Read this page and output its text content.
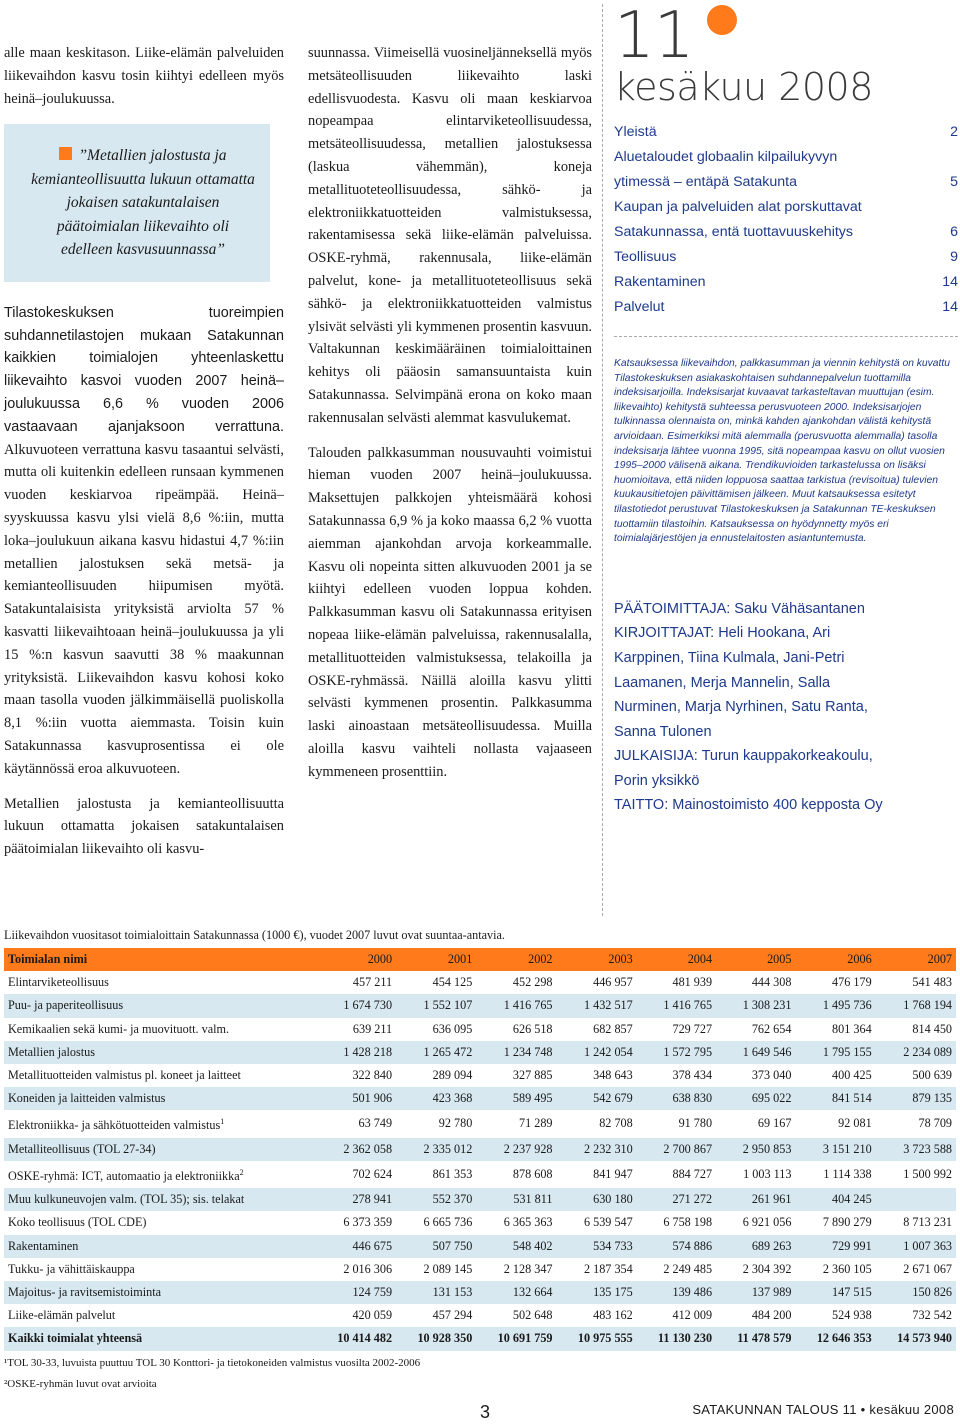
alle maan keskitason. Liike-elämän palveluiden liikevaihdon kasvu tosin kiihtyi edelleen myös heinä–joulukuussa.

”Metallien jalostusta ja kemianteollisuutta lukuun ottamatta jokaisen satakuntalaisen päätoimialan liikevaihto oli edelleen kasvusuunnassa”

Tilastokeskuksen tuoreimpien suhdannetilastojen mukaan Satakunnan kaikkien toimialojen yhteenlaskettu liikevaihto kasvoi vuoden 2007 heinä–joulukuussa 6,6 % vuoden 2006 vastaavaan ajanjaksoon verrattuna. Alkuvuoteen verrattuna kasvu tasaantui selvästi, mutta oli kuitenkin edelleen runsaan kymmenen vuoden keskiarvoa ripeämpää. Heinä–syyskuussa kasvu ylsi vielä 8,6 %:iin, mutta loka–joulukuun aikana kasvu hidastui 4,7 %:iin metallien jalostuksen sekä metsä- ja kemianteollisuuden hiipumisen myötä. Satakuntalaisista yrityksistä arviolta 57 % kasvatti liikevaihtoaan heinä–joulukuussa ja yli 15 %:n kasvun saavutti 38 % maakunnan yrityksistä. Liikevaihdon kasvu kohosi koko maan tasolla vuoden jälkimmäisellä puoliskolla 8,1 %:iin vuotta aiemmasta. Toisin kuin Satakunnassa kasvuprosentissa ei ole käytännössä eroa alkuvuoteen.

Metallien jalostusta ja kemianteollisuutta lukuun ottamatta jokaisen satakuntalaisen päätoimialan liikevaihto oli kasvu-

suunnassa. Viimeisellä vuosineljänneksellä myös metsäteollisuuden liikevaihto laski edellisvuodesta. Kasvu oli maan keskiarvoa nopeampaa elintarviketeollisuudessa, metsäteollisuudessa, metallien jalostuksessa (laskua vähemmän), koneja metallituoteteollisuudessa, sähkö- ja elektroniikkatuotteiden valmistuksessa, rakentamisessa sekä liike-elämän palveluissa. OSKE-ryhmä, rakennusala, liike-elämän palvelut, kone- ja metallituoteteollisuus sekä sähkö- ja elektroniikkatuotteiden valmistus ylsivät selvästi yli kymmenen prosentin kasvuun. Valtakunnan keskimääräinen toimialoittainen kehitys oli pääosin samansuuntaista kuin Satakunnassa. Selvimpänä erona on koko maan rakennusalan selvästi alemmat kasvulukemat.

Talouden palkkasumman nousuvauhti voimistui hieman vuoden 2007 heinä–joulukuussa. Maksettujen palkkojen yhteismäärä kohosi Satakunnassa 6,9 % ja koko maassa 6,2 % vuotta aiemman ajankohdan arvoja korkeammalle. Kasvu oli nopeinta sitten alkuvuoden 2001 ja se kiihtyi edelleen vuoden loppua kohden. Palkkasumman kasvu oli Satakunnassa erityisen nopeaa liike-elämän palveluissa, rakennusalalla, metallituotteiden valmistuksessa, telakoilla ja OSKE-ryhmässä. Näillä aloilla kasvu ylitti selvästi kymmenen prosentin. Palkkasumma laski ainoastaan metsäteollisuudessa. Muilla aloilla kasvu vaihteli nollasta vajaaseen kymmeneen prosenttiin.

11
kesäkuu 2008
Yleistä	2
Aluetaloudet globaalin kilpailukyvyn
ytimessä – entäpä Satakunta	5
Kaupan ja palveluiden alat porskuttavat
Satakunnassa, entä tuottavuuskehitys	6
Teollisuus	9
Rakentaminen	14
Palvelut	14
Katsauksessa liikevaihdon, palkkasumman ja viennin kehitystä on kuvattu Tilastokeskuksen asiakaskohtaisen suhdannepalvelun tuottamilla indeksisarjoilla. Indeksisarjat kuvaavat tarkasteltavan muuttujan (esim. liikevaihto) kehitystä suhteessa perusvuoteen 2000. Indeksisarjojen tulkinnassa olennaista on, minkä kahden ajankohdan välistä kehitystä arvioidaan. Esimerkiksi mitä alemmalla (perusvuotta alemmalla) tasolla indeksisarja lähtee vuonna 1995, sitä nopeampaa kasvu on ollut vuosien 1995–2000 välisenä aikana. Trendikuvioiden tarkastelussa on lisäksi huomioitava, että niiden loppuosa saattaa tarkistua (revisoitua) tulevien kuukausitietojen päivittämisen jälkeen. Muut katsauksessa esitetyt tilastotiedot perustuvat Tilastokeskuksen ja Satakunnan TE-keskuksen tuottamiin tilastoihin. Katsauksessa on hyödynnetty myös eri toimialajärjestöjen ja ennustelaitosten asiantuntemusta.
PÄÄTOIMITTAJA: Saku Vähäsantanen
KIRJOITTAJAT: Heli Hookana, Ari
Karppinen, Tiina Kulmala, Jani-Petri
Laamanen, Merja Mannelin, Salla
Nurminen, Marja Nyrhinen, Satu Ranta,
Sanna Tulonen
JULKAISIJA: Turun kauppakorkeakoulu,
Porin yksikkö
TAITTO: Mainostoimisto 400 kepposta Oy
Liikevaihdon vuositasot toimialoittain Satakunnassa (1000 €), vuodet 2007 luvut ovat suuntaa-antavia.
Toimialan nimi	2000	2001	2002	2003	2004	2005	2006	2007
Elintarviketeollisuus	457 211	454 125	452 298	446 957	481 939	444 308	476 179	541 483
Puu- ja paperiteollisuus	1 674 730	1 552 107	1 416 765	1 432 517	1 416 765	1 308 231	1 495 736	1 768 194
Kemikaalien sekä kumi- ja muovituott. valm.	639 211	636 095	626 518	682 857	729 727	762 654	801 364	814 450
Metallien jalostus	1 428 218	1 265 472	1 234 748	1 242 054	1 572 795	1 649 546	1 795 155	2 234 089
Metallituotteiden valmistus pl. koneet ja laitteet	322 840	289 094	327 885	348 643	378 434	373 040	400 425	500 639
Koneiden ja laitteiden valmistus	501 906	423 368	589 495	542 679	638 830	695 022	841 514	879 135
Elektroniikka- ja sähkötuotteiden valmistus$^1$	63 749	92 780	71 289	82 708	91 780	69 167	92 081	78 709
Metalliteollisuus (TOL 27-34)	2 362 058	2 335 012	2 237 928	2 232 310	2 700 867	2 950 853	3 151 210	3 723 588
OSKE-ryhmä: ICT, automaatio ja elektroniikka$^2$	702 624	861 353	878 608	841 947	884 727	1 003 113	1 114 338	1 500 992
Muu kulkuneuvojen valm. (TOL 35); sis. telakat	278 941	552 370	531 811	630 180	271 272	261 961	404 245	
Koko teollisuus (TOL CDE)	6 373 359	6 665 736	6 365 363	6 539 547	6 758 198	6 921 056	7 890 279	8 713 231
Rakentaminen	446 675	507 750	548 402	534 733	574 886	689 263	729 991	1 007 363
Tukku- ja vähittäiskauppa	2 016 306	2 089 145	2 128 347	2 187 354	2 249 485	2 304 392	2 360 105	2 671 067
Majoitus- ja ravitsemistoiminta	124 759	131 153	132 664	135 175	139 486	137 989	147 515	150 826
Liike-elämän palvelut	420 059	457 294	502 648	483 162	412 009	484 200	524 938	732 542
Kaikki toimialat yhteensä	10 414 482	10 928 350	10 691 759	10 975 555	11 130 230	11 478 579	12 646 353	14 573 940
¹TOL 30-33, luvuista puuttuu TOL 30 Konttori- ja tietokoneiden valmistus vuosilta 2002-2006
²OSKE-ryhmän luvut ovat arvioita
3	SATAKUNNAN TALOUS 11 • kesäkuu 2008
